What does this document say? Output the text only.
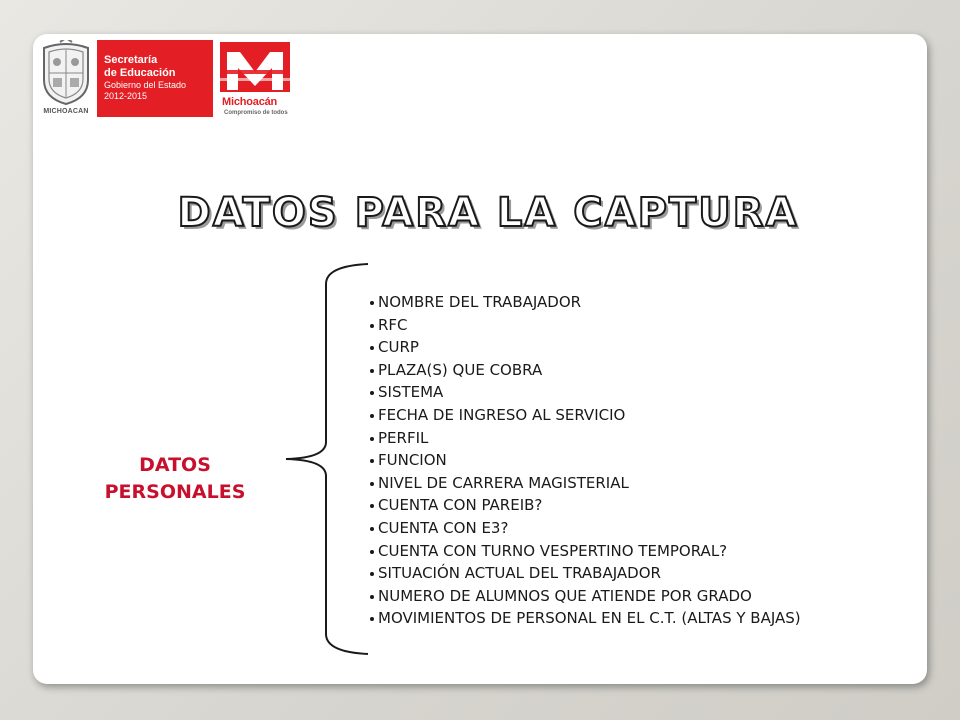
MICHOACAN
Secretaría
de Educación
Gobierno del Estado
2012-2015	Michoacán
Compromiso de todos
DATOS PARA LA CAPTURA
DATOS
PERSONALES
NOMBRE DEL TRABAJADOR
RFC
CURP
PLAZA(S) QUE COBRA
SISTEMA
FECHA DE INGRESO AL SERVICIO
PERFIL
FUNCION
NIVEL DE CARRERA MAGISTERIAL
CUENTA CON PAREIB?
CUENTA CON E3?
CUENTA CON TURNO VESPERTINO TEMPORAL?
SITUACIÓN ACTUAL DEL TRABAJADOR
NUMERO DE ALUMNOS QUE ATIENDE POR GRADO
MOVIMIENTOS DE PERSONAL EN EL C.T. (ALTAS Y BAJAS)
